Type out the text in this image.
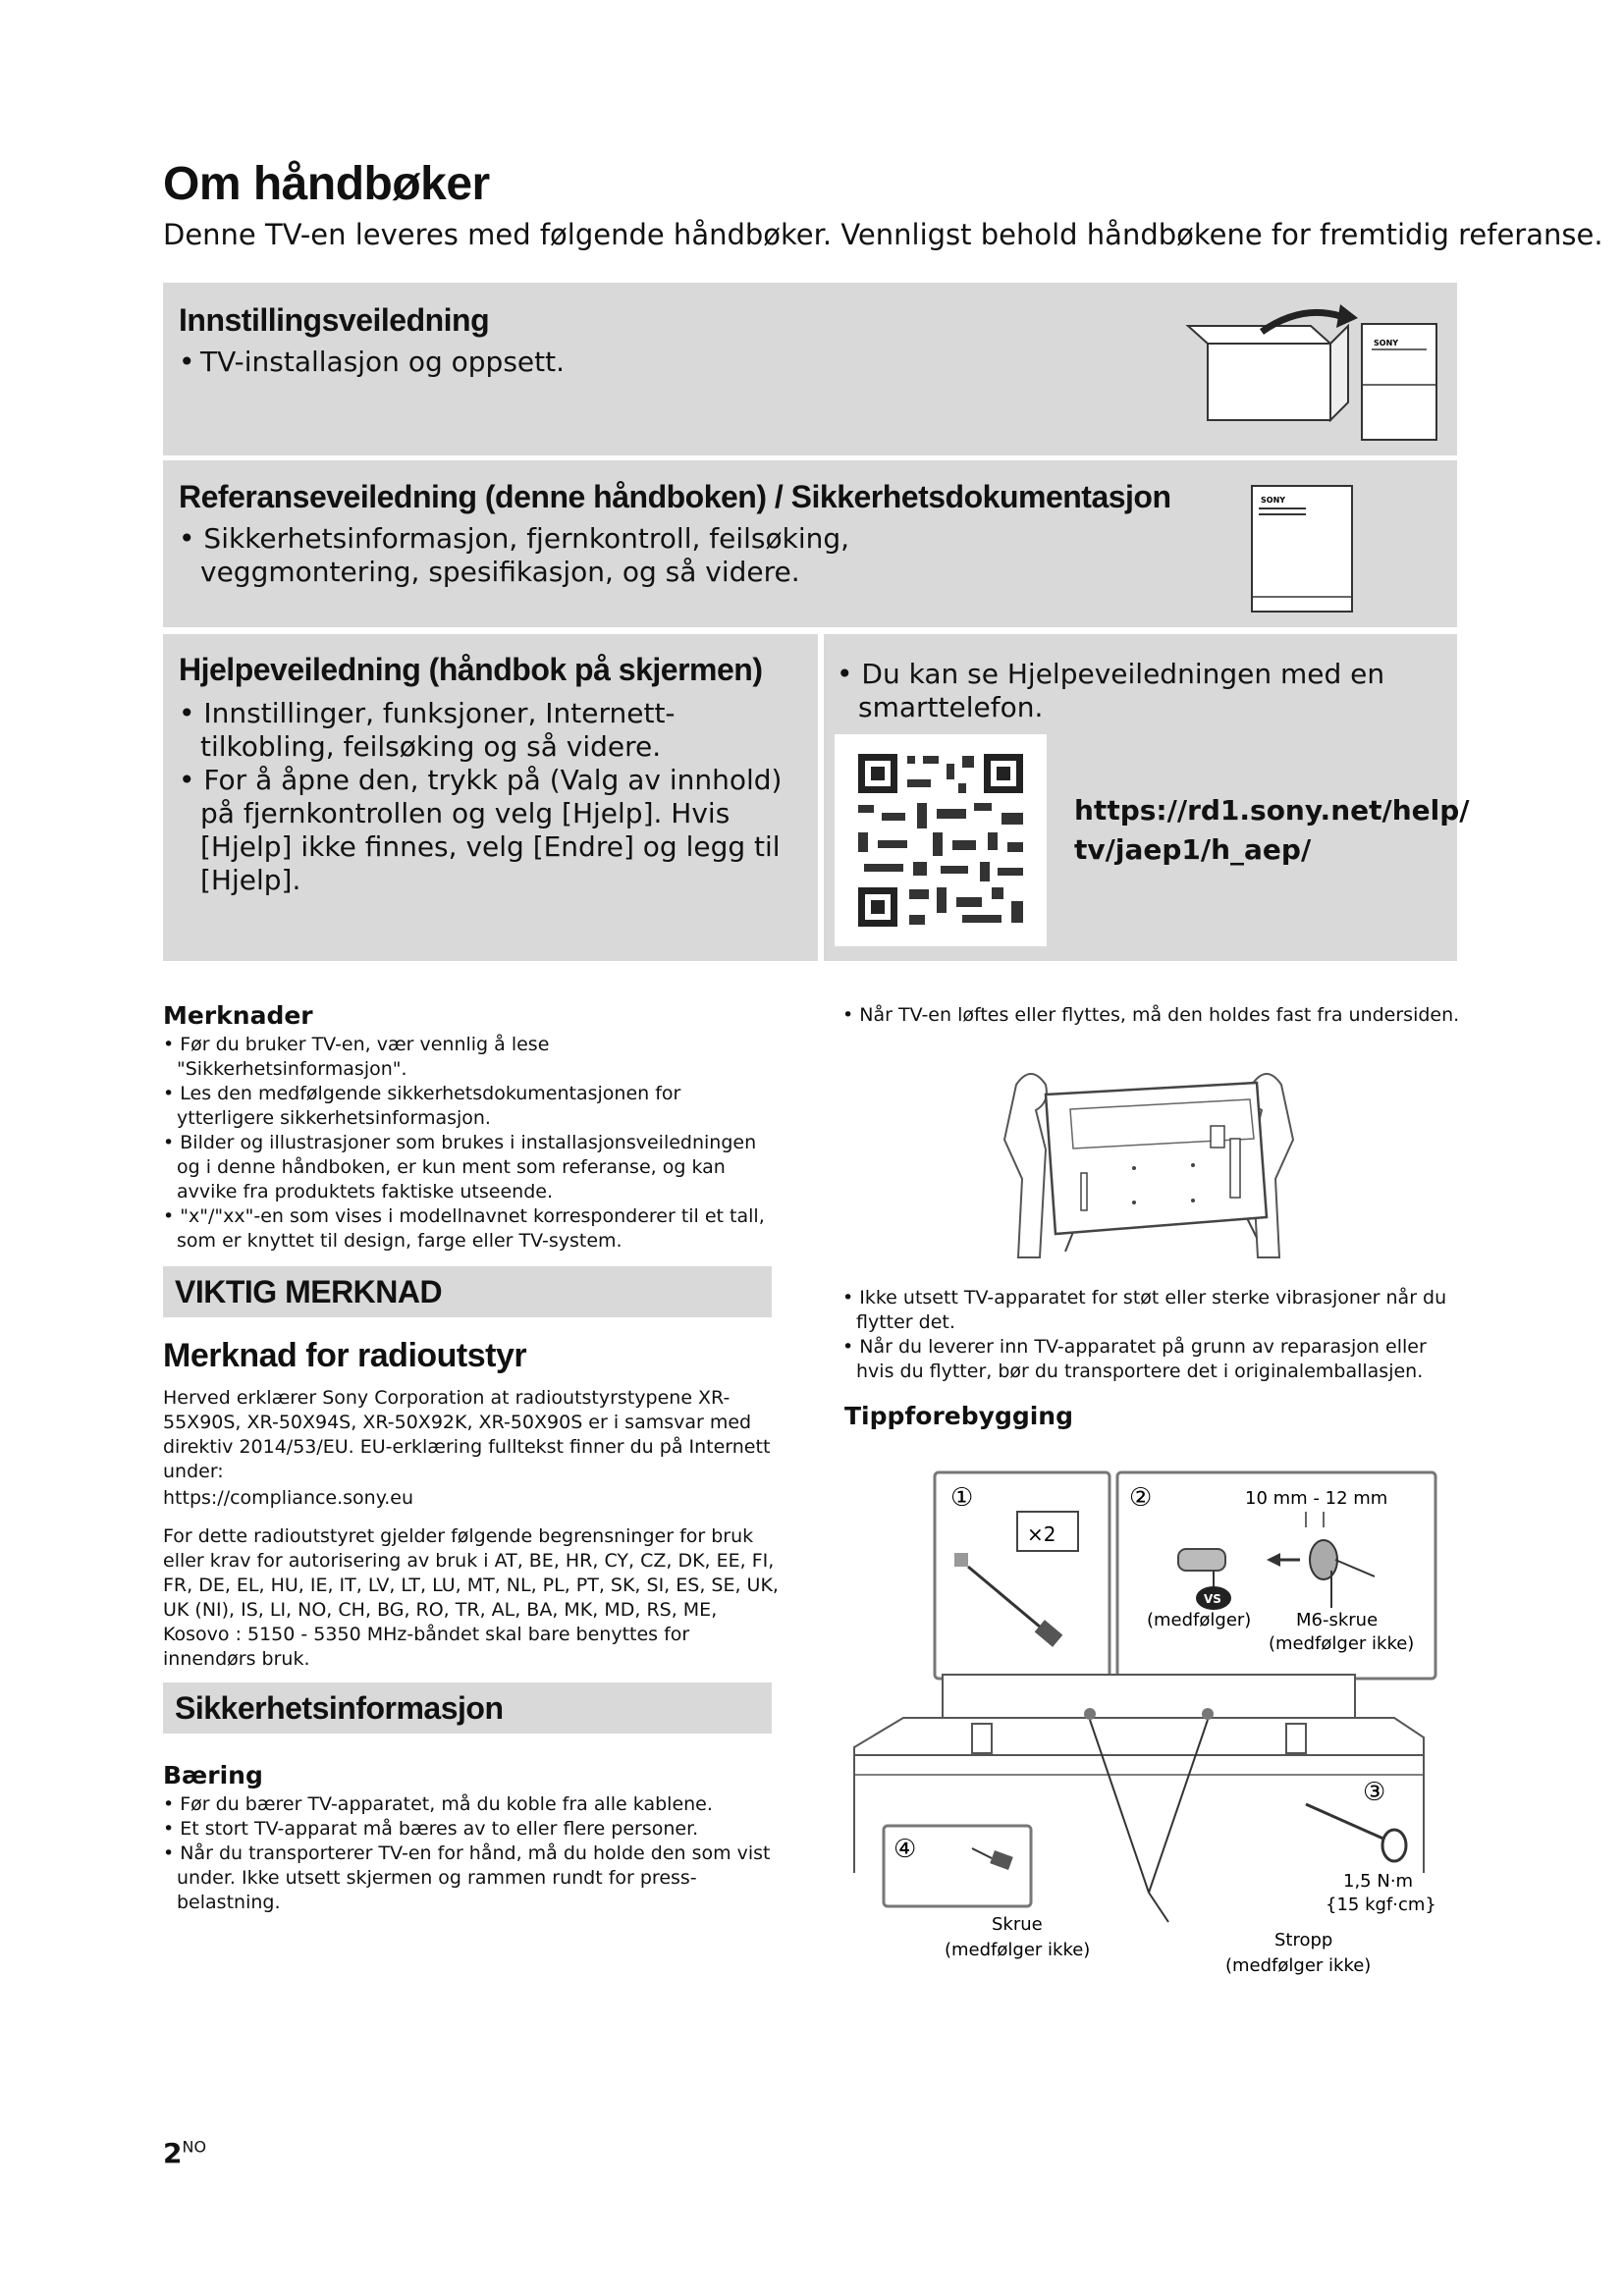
Om håndbøker
Denne TV-en leveres med følgende håndbøker. Vennligst behold håndbøkene for fremtidig referanse.
Innstillingsveiledning
• TV-installasjon og oppsett.
SONY
Referanseveiledning (denne håndboken) / Sikkerhetsdokumentasjon
• Sikkerhetsinformasjon, fjernkontroll, feilsøking, veggmontering, spesifikasjon, og så videre.
SONY
Hjelpeveiledning (håndbok på skjermen)
• Innstillinger, funksjoner, Internett-tilkobling, feilsøking og så videre.
• For å åpne den, trykk på (Valg av innhold) på fjernkontrollen og velg [Hjelp]. Hvis [Hjelp] ikke finnes, velg [Endre] og legg til [Hjelp].
• Du kan se Hjelpeveiledningen med en smarttelefon.
https://rd1.sony.net/help/
tv/jaep1/h_aep/
Merknader

• Før du bruker TV-en, vær vennlig å lese "Sikkerhetsinformasjon".

• Les den medfølgende sikkerhetsdokumentasjonen for ytterligere sikkerhetsinformasjon.

• Bilder og illustrasjoner som brukes i installasjonsveiledningen og i denne håndboken, er kun ment som referanse, og kan avvike fra produktets faktiske utseende.

• "x"/"xx"-en som vises i modellnavnet korresponderer til et tall, som er knyttet til design, farge eller TV-system.

VIKTIG MERKNAD
Merknad for radioutstyr

Herved erklærer Sony Corporation at radioutstyrstypene XR-55X90S, XR-50X94S, XR-50X92K, XR-50X90S er i samsvar med direktiv 2014/53/EU. EU-erklæring fulltekst finner du på Internett under:

https://compliance.sony.eu

For dette radioutstyret gjelder følgende begrensninger for bruk eller krav for autorisering av bruk i AT, BE, HR, CY, CZ, DK, EE, FI, FR, DE, EL, HU, IE, IT, LV, LT, LU, MT, NL, PL, PT, SK, SI, ES, SE, UK, UK (NI), IS, LI, NO, CH, BG, RO, TR, AL, BA, MK, MD, RS, ME, Kosovo : 5150 - 5350 MHz-båndet skal bare benyttes for innendørs bruk.

Sikkerhetsinformasjon
Bæring

• Før du bærer TV-apparatet, må du koble fra alle kablene.

• Et stort TV-apparat må bæres av to eller flere personer.

• Når du transporterer TV-en for hånd, må du holde den som vist under. Ikke utsett skjermen og rammen rundt for press-belastning.

• Når TV-en løftes eller flyttes, må den holdes fast fra undersiden.

• Ikke utsett TV-apparatet for støt eller sterke vibrasjoner når du flytter det.

• Når du leverer inn TV-apparatet på grunn av reparasjon eller hvis du flytter, bør du transportere det i originalemballasjen.

Tippforebygging
①
×2
②	10 mm - 12 mm
VS
(medfølger)	M6-skrue
(medfølger ikke)
③
1,5 N·m
{15 kgf·cm}
④
Skrue
(medfølger ikke)	Stropp
(medfølger ikke)
$2^{NO}$
